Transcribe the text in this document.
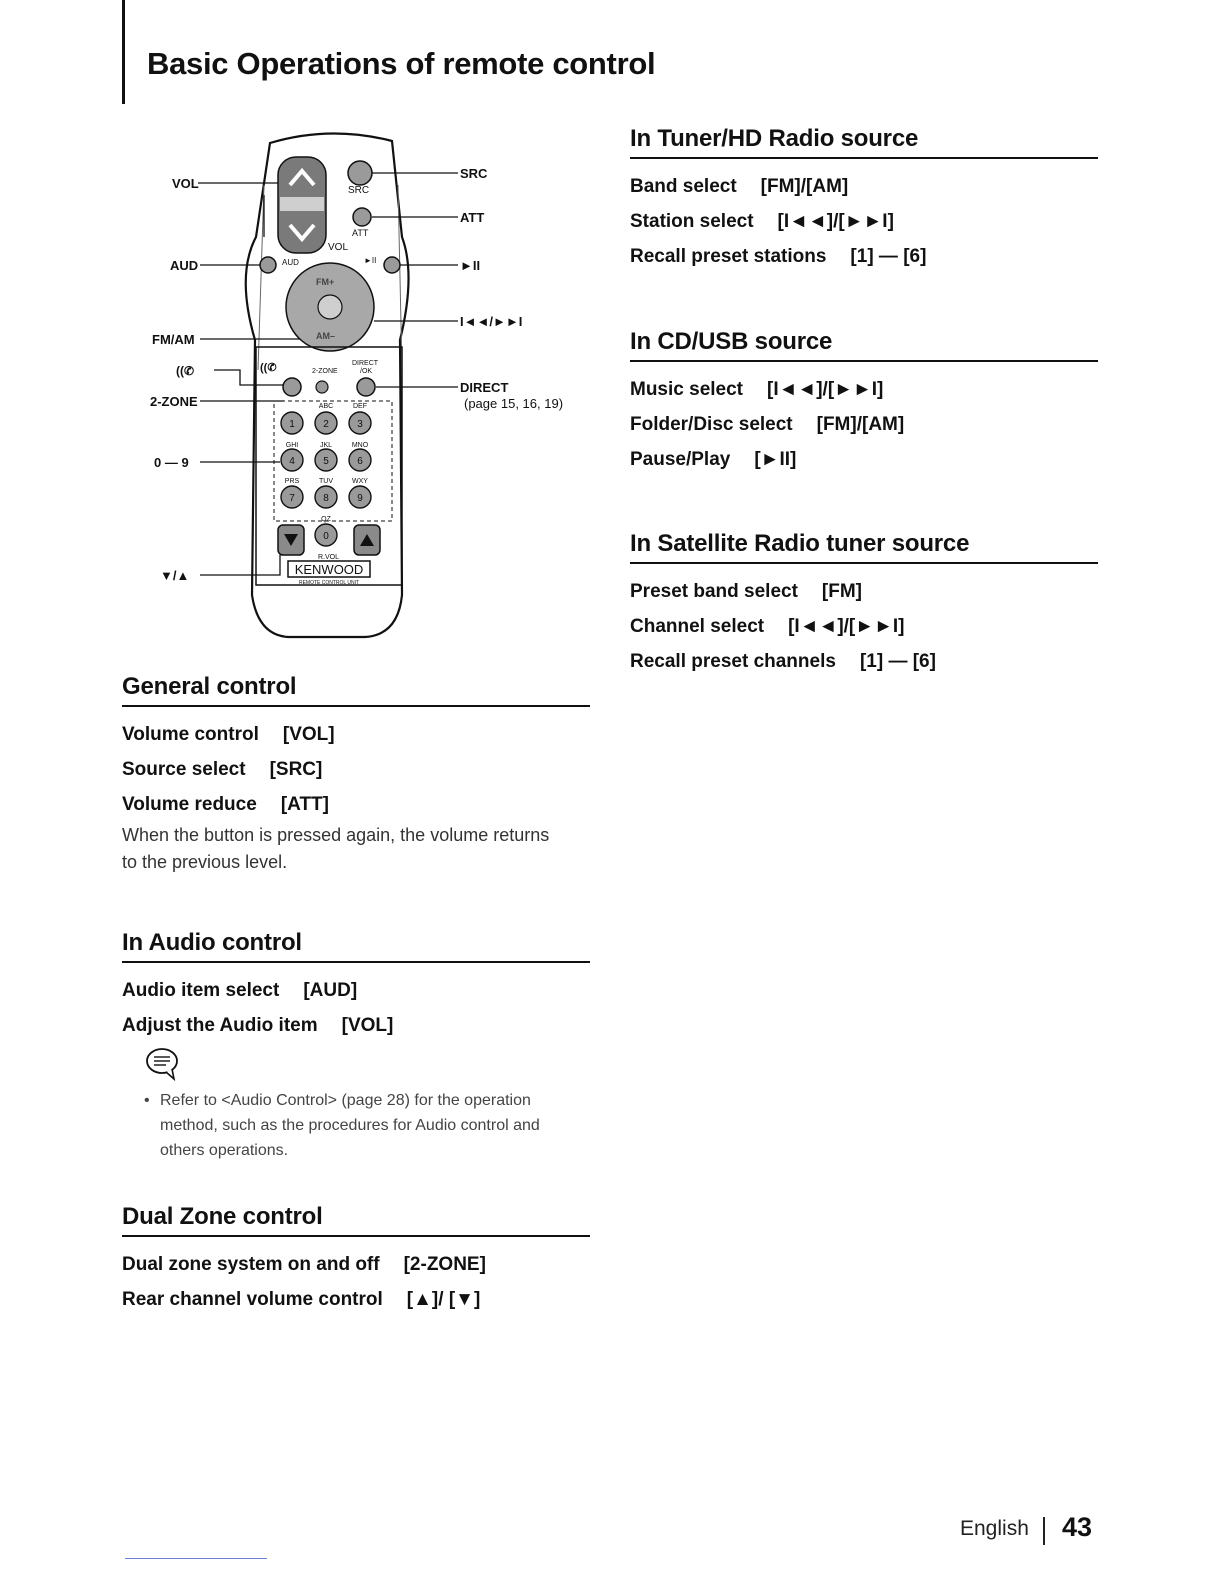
Basic Operations of remote control
VOL
SRC
ATT
AUD	►II
FM+
AM–
((✆	2-ZONE
DIRECT
/OK
1
ABC
2
DEF
3
GHI
4
JKL
5
MNO
6
PRS
7
TUV
8
WXY
9
QZ
0
R.VOL
KENWOOD
REMOTE CONTROL UNIT
VOL
AUD
FM/AM
((✆
2-ZONE
0 — 9
▼/▲
SRC
ATT
►II
I◄◄/►►I
DIRECT
(page 15, 16, 19)
General control
Volume control [VOL]
Source select [SRC]
Volume reduce [ATT]
When the button is pressed again, the volume returns
to the previous level.
In Audio control
Audio item select [AUD]
Adjust the Audio item [VOL]
• Refer to <Audio Control> (page 28) for the operation
method, such as the procedures for Audio control and
others operations.
Dual Zone control
Dual zone system on and off [2-ZONE]
Rear channel volume control [▲]/ [▼]
In Tuner/HD Radio source
Band select [FM]/[AM]
Station select [I◄◄]/[►►I]
Recall preset stations [1] — [6]
In CD/USB source
Music select [I◄◄]/[►►I]
Folder/Disc select [FM]/[AM]
Pause/Play [►II]
In Satellite Radio tuner source
Preset band select [FM]
Channel select [I◄◄]/[►►I]
Recall preset channels [1] — [6]
English 43
